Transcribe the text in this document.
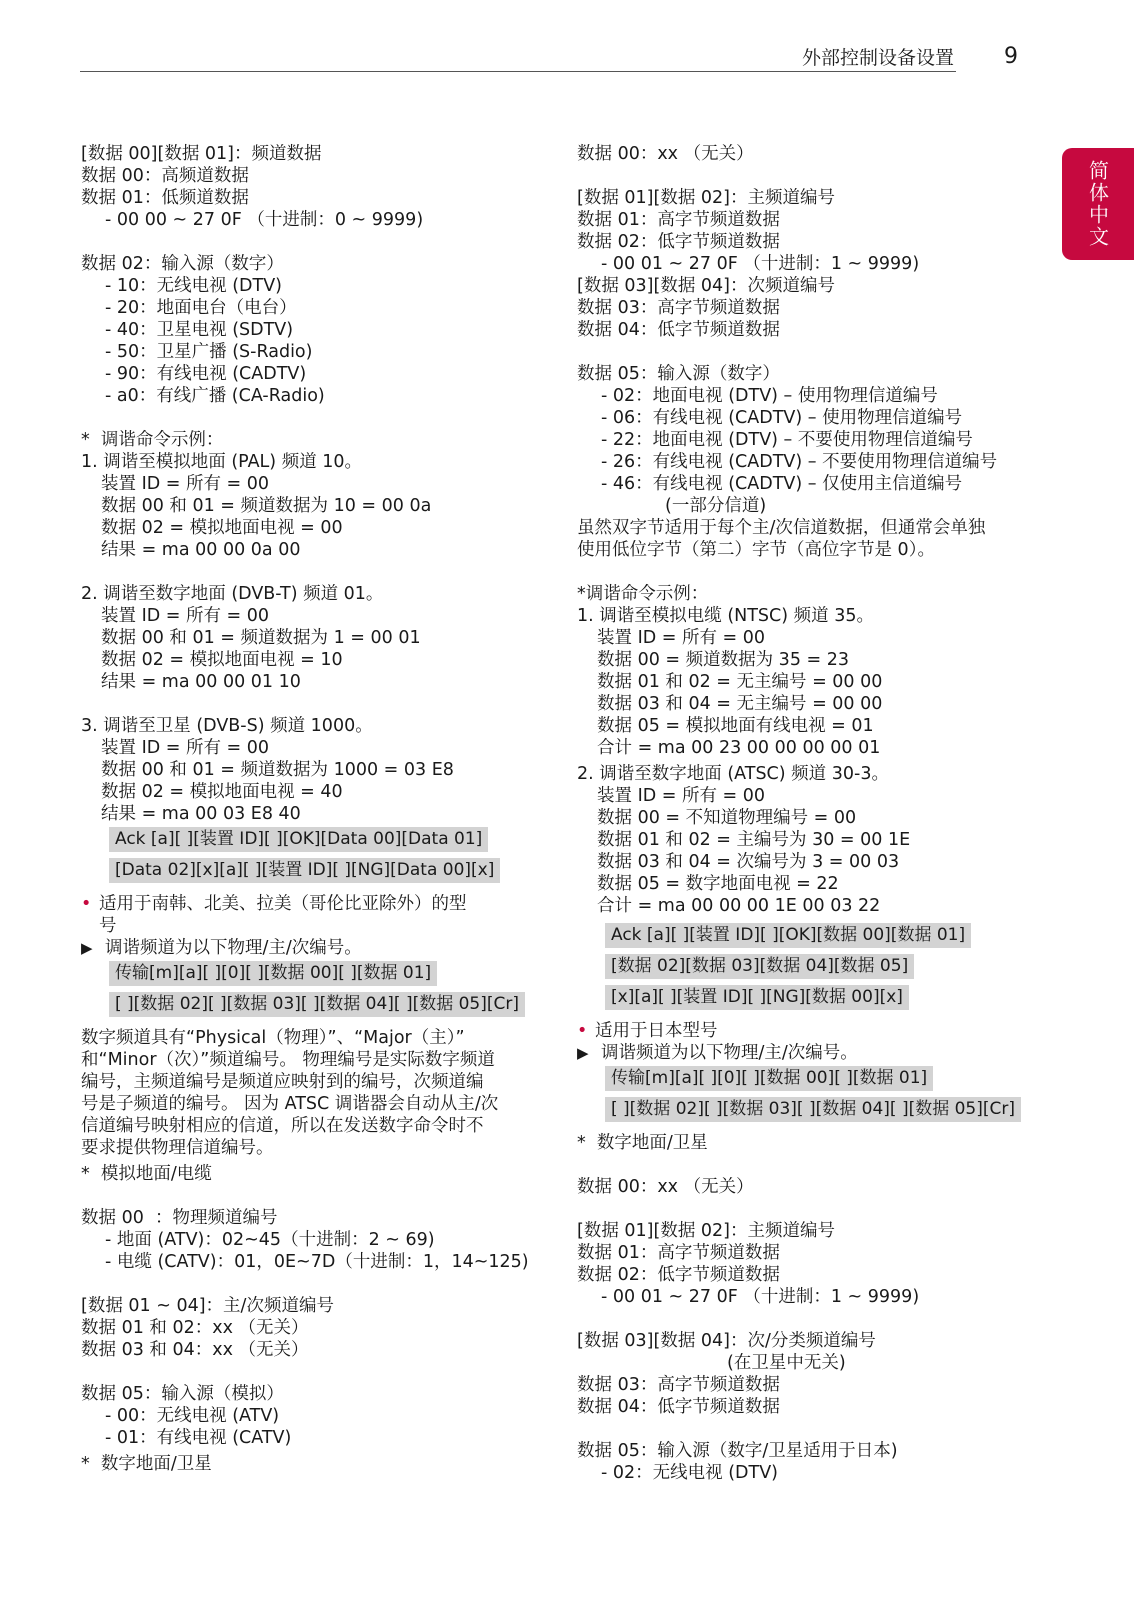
外部控制设备设置 9
简体中文
[数据 00][数据 01]：频道数据
数据 00：高频道数据
数据 01：低频道数据
- 00 00 ~ 27 0F （十进制：0 ~ 9999)
数据 02：输入源（数字）
- 10：无线电视 (DTV)
- 20：地面电台（电台）
- 40：卫星电视 (SDTV)
- 50：卫星广播 (S-Radio)
- 90：有线电视 (CADTV)
- a0：有线广播 (CA-Radio)
*  调谐命令示例：
1. 调谐至模拟地面 (PAL) 频道 10。
装置 ID = 所有 = 00
数据 00 和 01 = 频道数据为 10 = 00 0a
数据 02 = 模拟地面电视 = 00
结果 = ma 00 00 0a 00
2. 调谐至数字地面 (DVB-T) 频道 01。
装置 ID = 所有 = 00
数据 00 和 01 = 频道数据为 1 = 00 01
数据 02 = 模拟地面电视 = 10
结果 = ma 00 00 01 10
3. 调谐至卫星 (DVB-S) 频道 1000。
装置 ID = 所有 = 00
数据 00 和 01 = 频道数据为 1000 = 03 E8
数据 02 = 模拟地面电视 = 40
结果 = ma 00 03 E8 40
Ack [a][ ][装置 ID][ ][OK][Data 00][Data 01]
[Data 02][x][a][ ][装置 ID][ ][NG][Data 00][x]
• 适用于南韩、北美、拉美（哥伦比亚除外）的型
号
▶ 调谐频道为以下物理/主/次编号。
传输[m][a][ ][0][ ][数据 00][ ][数据 01]
[ ][数据 02][ ][数据 03][ ][数据 04][ ][数据 05][Cr]
数字频道具有“Physical（物理）”、“Major（主）”
和“Minor（次）”频道编号。 物理编号是实际数字频道
编号，主频道编号是频道应映射到的编号，次频道编
号是子频道的编号。 因为 ATSC 调谐器会自动从主/次
信道编号映射相应的信道，所以在发送数字命令时不
要求提供物理信道编号。
*  模拟地面/电缆
数据 00  ：物理频道编号
- 地面 (ATV)：02~45（十进制：2 ~ 69)
- 电缆 (CATV)：01，0E~7D（十进制：1，14~125)
[数据 01 ~ 04]：主/次频道编号
数据 01 和 02：xx （无关）
数据 03 和 04：xx （无关）
数据 05：输入源（模拟）
- 00：无线电视 (ATV)
- 01：有线电视 (CATV)
*  数字地面/卫星
数据 00：xx （无关）
[数据 01][数据 02]：主频道编号
数据 01：高字节频道数据
数据 02：低字节频道数据
- 00 01 ~ 27 0F （十进制：1 ~ 9999)
[数据 03][数据 04]：次频道编号
数据 03：高字节频道数据
数据 04：低字节频道数据
数据 05：输入源（数字）
- 02：地面电视 (DTV) – 使用物理信道编号
- 06：有线电视 (CADTV) – 使用物理信道编号
- 22：地面电视 (DTV) – 不要使用物理信道编号
- 26：有线电视 (CADTV) – 不要使用物理信道编号
- 46：有线电视 (CADTV) – 仅使用主信道编号
(一部分信道)
虽然双字节适用于每个主/次信道数据，但通常会单独
使用低位字节（第二）字节（高位字节是 0）。
*调谐命令示例：
1. 调谐至模拟电缆 (NTSC) 频道 35。
装置 ID = 所有 = 00
数据 00 = 频道数据为 35 = 23
数据 01 和 02 = 无主编号 = 00 00
数据 03 和 04 = 无主编号 = 00 00
数据 05 = 模拟地面有线电视 = 01
合计 = ma 00 23 00 00 00 00 01
2. 调谐至数字地面 (ATSC) 频道 30-3。
装置 ID = 所有 = 00
数据 00 = 不知道物理编号 = 00
数据 01 和 02 = 主编号为 30 = 00 1E
数据 03 和 04 = 次编号为 3 = 00 03
数据 05 = 数字地面电视 = 22
合计 = ma 00 00 00 1E 00 03 22
Ack [a][ ][装置 ID][ ][OK][数据 00][数据 01]
[数据 02][数据 03][数据 04][数据 05]
[x][a][ ][装置 ID][ ][NG][数据 00][x]
• 适用于日本型号
▶ 调谐频道为以下物理/主/次编号。
传输[m][a][ ][0][ ][数据 00][ ][数据 01]
[ ][数据 02][ ][数据 03][ ][数据 04][ ][数据 05][Cr]
*  数字地面/卫星
数据 00：xx （无关）
[数据 01][数据 02]：主频道编号
数据 01：高字节频道数据
数据 02：低字节频道数据
- 00 01 ~ 27 0F （十进制：1 ~ 9999)
[数据 03][数据 04]：次/分类频道编号
(在卫星中无关)
数据 03：高字节频道数据
数据 04：低字节频道数据
数据 05：输入源（数字/卫星适用于日本)
- 02：无线电视 (DTV)
